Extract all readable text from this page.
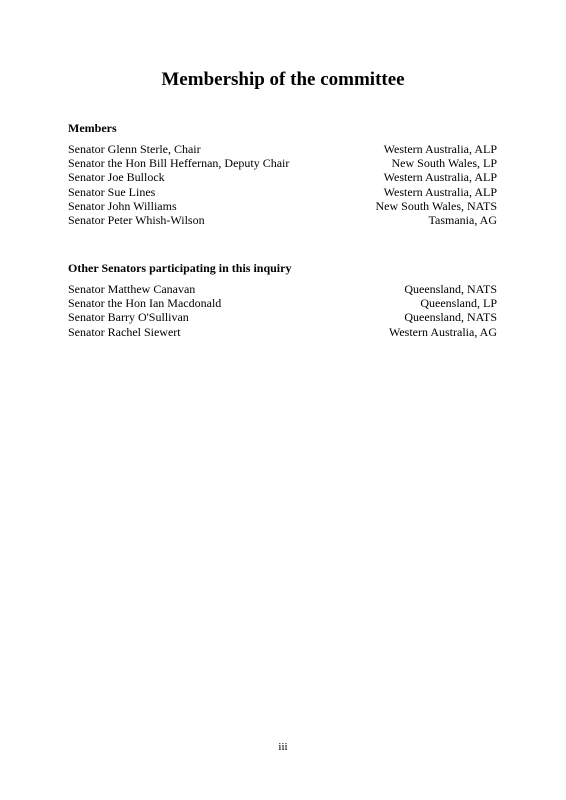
Membership of the committee
Members
Senator Glenn Sterle, Chair	Western Australia, ALP
Senator the Hon Bill Heffernan, Deputy Chair	New South Wales, LP
Senator Joe Bullock	Western Australia, ALP
Senator Sue Lines	Western Australia, ALP
Senator John Williams	New South Wales, NATS
Senator Peter Whish-Wilson	Tasmania, AG
Other Senators participating in this inquiry
Senator Matthew Canavan	Queensland, NATS
Senator the Hon Ian Macdonald	Queensland, LP
Senator Barry O'Sullivan	Queensland, NATS
Senator Rachel Siewert	Western Australia, AG
iii
